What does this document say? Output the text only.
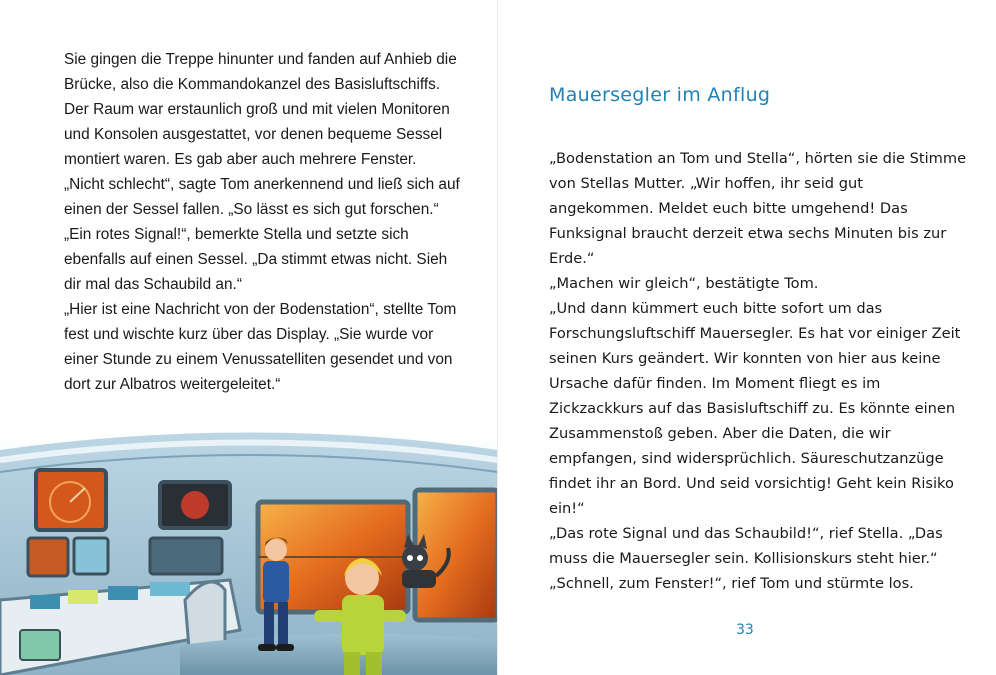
Sie gingen die Treppe hinunter und fanden auf Anhieb die Brücke, also die Kommandokanzel des Basisluftschiffs. Der Raum war erstaunlich groß und mit vielen Monitoren und Konsolen ausgestattet, vor denen bequeme Sessel montiert waren. Es gab aber auch mehrere Fenster.

„Nicht schlecht“, sagte Tom anerkennend und ließ sich auf einen der Sessel fallen. „So lässt es sich gut forschen.“

„Ein rotes Signal!“, bemerkte Stella und setzte sich ebenfalls auf einen Sessel. „Da stimmt etwas nicht. Sieh dir mal das Schaubild an.“

„Hier ist eine Nachricht von der Bodenstation“, stellte Tom fest und wischte kurz über das Display. „Sie wurde vor einer Stunde zu einem Venussatelliten gesendet und von dort zur Albatros weitergeleitet.“

Mauersegler im Anflug

„Bodenstation an Tom und Stella“, hörten sie die Stimme von Stellas Mutter. „Wir hoffen, ihr seid gut angekommen. Meldet euch bitte umgehend! Das Funksignal braucht derzeit etwa sechs Minuten bis zur Erde.“

„Machen wir gleich“, bestätigte Tom.

„Und dann kümmert euch bitte sofort um das Forschungsluftschiff Mauersegler. Es hat vor einiger Zeit seinen Kurs geändert. Wir konnten von hier aus keine Ursache dafür finden. Im Moment fliegt es im Zickzackkurs auf das Basisluftschiff zu. Es könnte einen Zusammenstoß geben. Aber die Daten, die wir empfangen, sind widersprüchlich. Säureschutzanzüge findet ihr an Bord. Und seid vorsichtig! Geht kein Risiko ein!“

„Das rote Signal und das Schaubild!“, rief Stella. „Das muss die Mauersegler sein. Kollisionskurs steht hier.“

„Schnell, zum Fenster!“, rief Tom und stürmte los.

33
